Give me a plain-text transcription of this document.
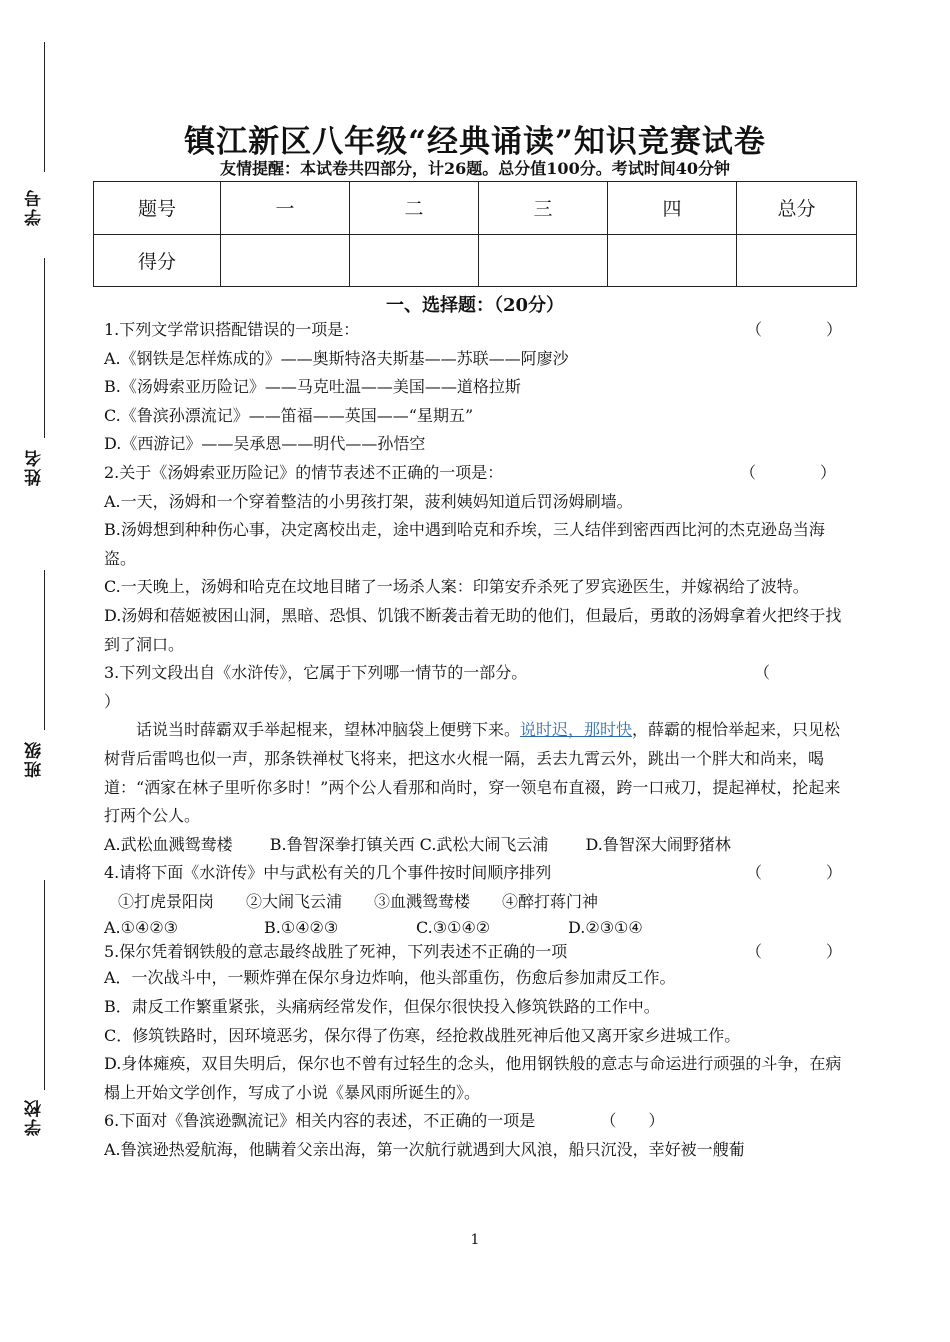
学号
姓名
班级
学校
镇江新区八年级“经典诵读”知识竞赛试卷
友情提醒：本试卷共四部分，计26题。总分值100分。考试时间40分钟
题号	一	二	三	四	总分
得分					
一、选择题：（20分）

1.下列文学常识搭配错误的一项是：	（　　　　）

A.《钢铁是怎样炼成的》——奥斯特洛夫斯基——苏联——阿廖沙

B.《汤姆索亚历险记》——马克吐温——美国——道格拉斯

C.《鲁滨孙漂流记》——笛福——英国——“星期五”

D.《西游记》——吴承恩——明代——孙悟空

2.关于《汤姆索亚历险记》的情节表述不正确的一项是：	（　　　　）

A.一天，汤姆和一个穿着整洁的小男孩打架，菠利姨妈知道后罚汤姆刷墙。

B.汤姆想到种种伤心事，决定离校出走，途中遇到哈克和乔埃，三人结伴到密西西比河的杰克逊岛当海盗。

C.一天晚上，汤姆和哈克在坟地目睹了一场杀人案：印第安乔杀死了罗宾逊医生，并嫁祸给了波特。

D.汤姆和蓓姬被困山洞，黑暗、恐惧、饥饿不断袭击着无助的他们，但最后，勇敢的汤姆拿着火把终于找到了洞口。

3.下列文段出自《水浒传》，它属于下列哪一情节的一部分。	（

）

话说当时薛霸双手举起棍来，望林冲脑袋上便劈下来。说时迟，那时快，薛霸的棍恰举起来，只见松树背后雷鸣也似一声，那条铁禅杖飞将来，把这水火棍一隔，丢去九霄云外，跳出一个胖大和尚来，喝道：“洒家在林子里听你多时！”两个公人看那和尚时，穿一领皂布直裰，跨一口戒刀，提起禅杖，抡起来打两个公人。

A.武松血溅鸳鸯楼　　 B.鲁智深拳打镇关西 C.武松大闹飞云浦　　 D.鲁智深大闹野猪林

4.请将下面《水浒传》中与武松有关的几个事件按时间顺序排列	（　　　　）

①打虎景阳岗　　②大闹飞云浦　　③血溅鸳鸯楼　　④醉打蒋门神

A.①④②③	B.①④②③	C.③①④②	D.②③①④

5.保尔凭着钢铁般的意志最终战胜了死神，下列表述不正确的一项	（　　　　）

A．一次战斗中，一颗炸弹在保尔身边炸响，他头部重伤，伤愈后参加肃反工作。

B．肃反工作繁重紧张，头痛病经常发作，但保尔很快投入修筑铁路的工作中。

C．修筑铁路时，因环境恶劣，保尔得了伤寒，经抢救战胜死神后他又离开家乡进城工作。

D.身体瘫痪，双目失明后，保尔也不曾有过轻生的念头，他用钢铁般的意志与命运进行顽强的斗争，在病榻上开始文学创作，写成了小说《暴风雨所诞生的》。

6.下面对《鲁滨逊飘流记》相关内容的表述，不正确的一项是	（　　）

A.鲁滨逊热爱航海，他瞒着父亲出海，第一次航行就遇到大风浪，船只沉没，幸好被一艘葡

1
